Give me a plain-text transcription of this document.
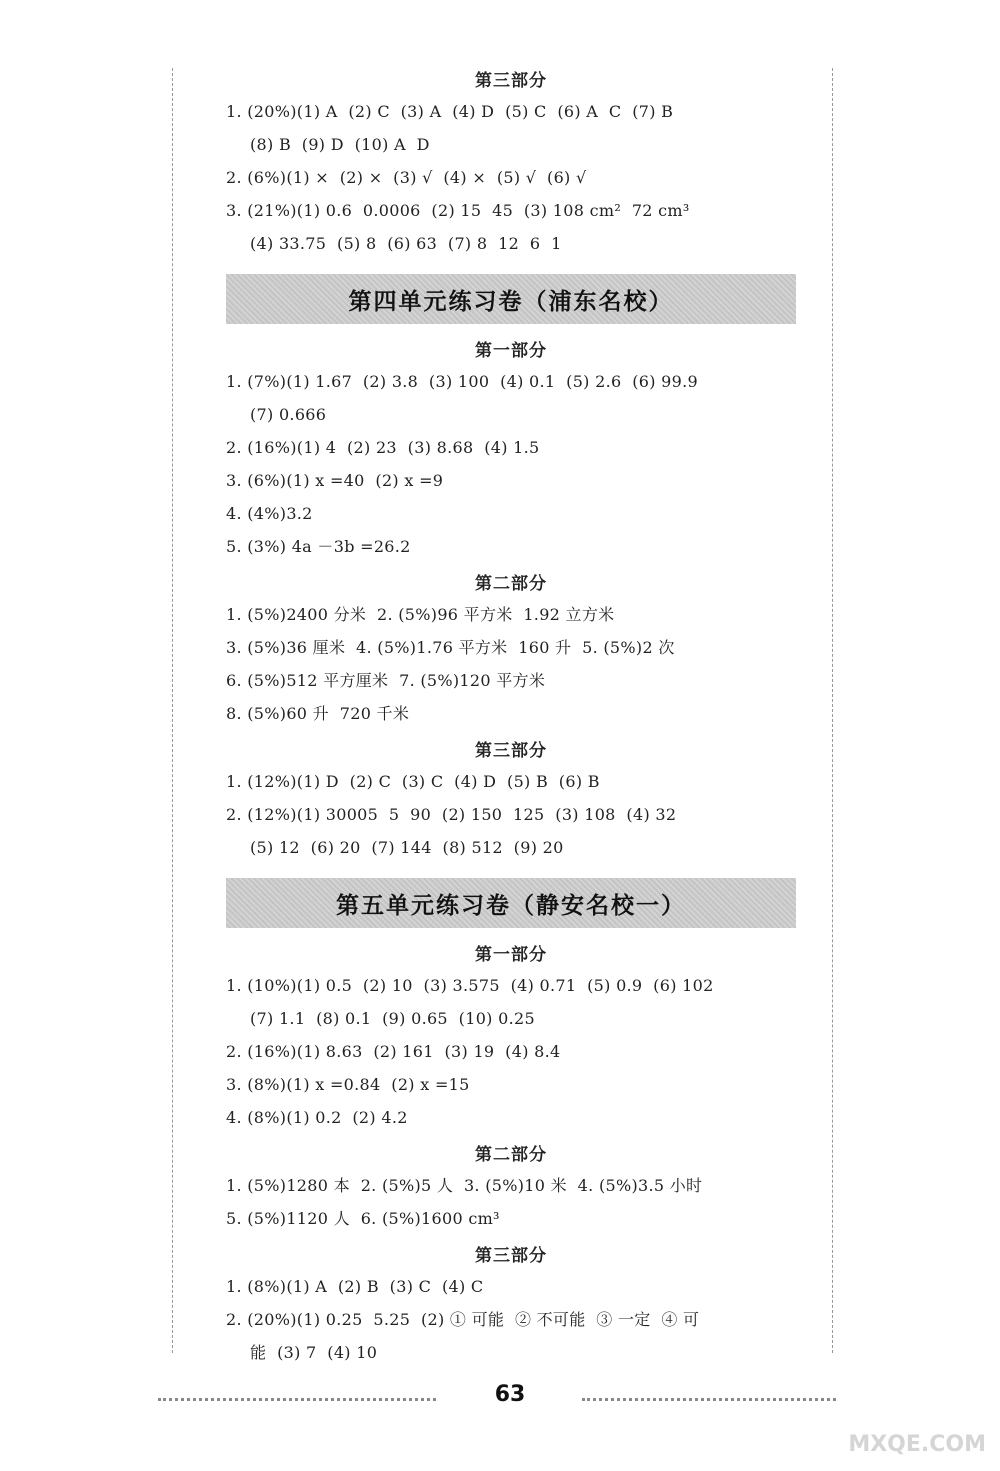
第三部分
1. (20%)(1) A  (2) C  (3) A  (4) D  (5) C  (6) A  C  (7) B
(8) B  (9) D  (10) A  D
2. (6%)(1) ×  (2) ×  (3) √  (4) ×  (5) √  (6) √
3. (21%)(1) 0.6  0.0006  (2) 15  45  (3) 108 cm²  72 cm³
(4) 33.75  (5) 8  (6) 63  (7) 8  12  6  1
第四单元练习卷（浦东名校）
第一部分
1. (7%)(1) 1.67  (2) 3.8  (3) 100  (4) 0.1  (5) 2.6  (6) 99.9
(7) 0.666
2. (16%)(1) 4  (2) 23  (3) 8.68  (4) 1.5
3. (6%)(1) x =40  (2) x =9
4. (4%)3.2
5. (3%) 4a －3b =26.2
第二部分
1. (5%)2400 分米  2. (5%)96 平方米  1.92 立方米
3. (5%)36 厘米  4. (5%)1.76 平方米  160 升  5. (5%)2 次
6. (5%)512 平方厘米  7. (5%)120 平方米
8. (5%)60 升  720 千米
第三部分
1. (12%)(1) D  (2) C  (3) C  (4) D  (5) B  (6) B
2. (12%)(1) 30005  5  90  (2) 150  125  (3) 108  (4) 32
(5) 12  (6) 20  (7) 144  (8) 512  (9) 20
第五单元练习卷（静安名校一）
第一部分
1. (10%)(1) 0.5  (2) 10  (3) 3.575  (4) 0.71  (5) 0.9  (6) 102
(7) 1.1  (8) 0.1  (9) 0.65  (10) 0.25
2. (16%)(1) 8.63  (2) 161  (3) 19  (4) 8.4
3. (8%)(1) x =0.84  (2) x =15
4. (8%)(1) 0.2  (2) 4.2
第二部分
1. (5%)1280 本  2. (5%)5 人  3. (5%)10 米  4. (5%)3.5 小时
5. (5%)1120 人  6. (5%)1600 cm³
第三部分
1. (8%)(1) A  (2) B  (3) C  (4) C
2. (20%)(1) 0.25  5.25  (2) ① 可能  ② 不可能  ③ 一定  ④ 可
能  (3) 7  (4) 10
63
MXQE.COM
